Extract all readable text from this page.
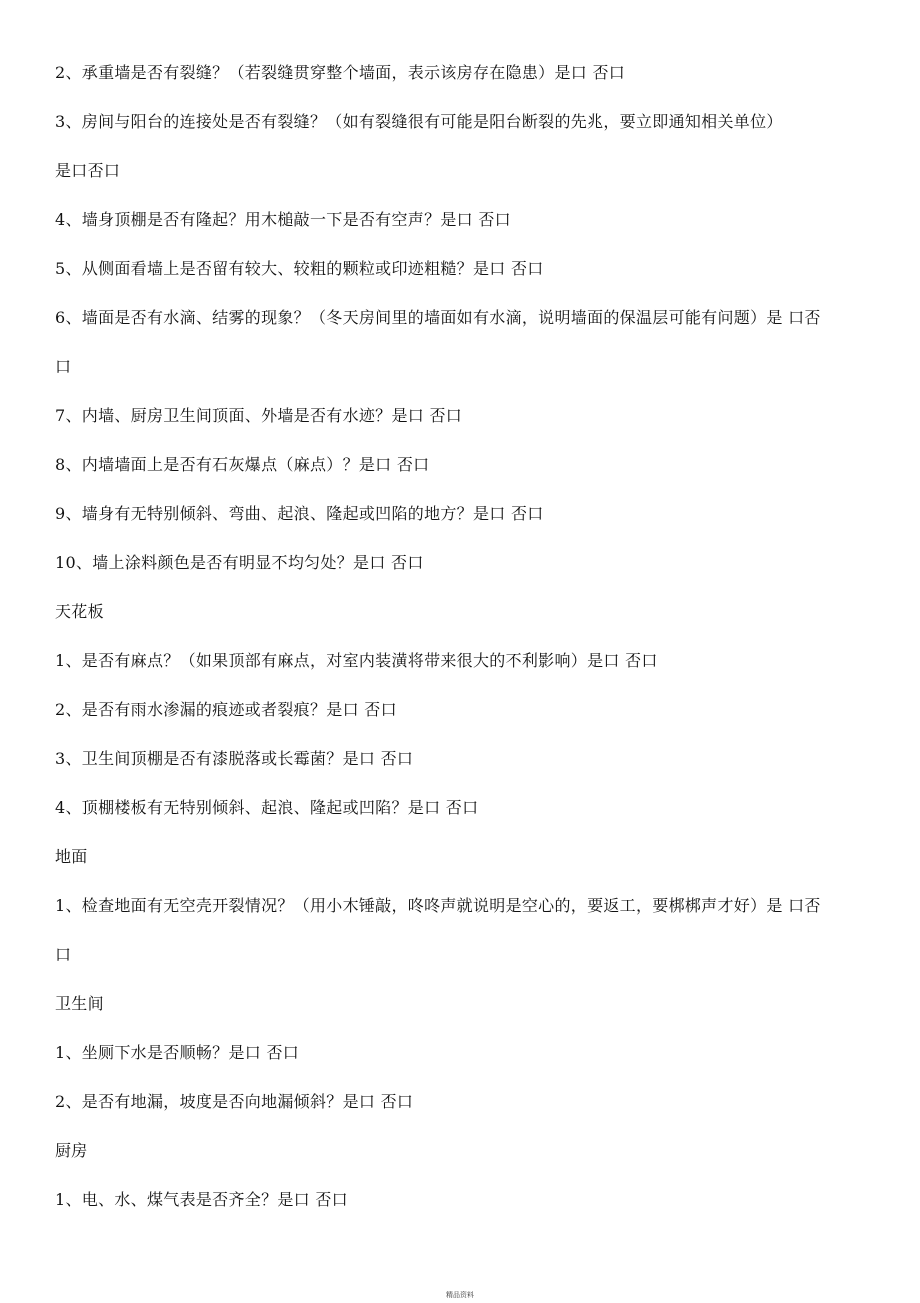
2、承重墙是否有裂缝？（若裂缝贯穿整个墙面，表示该房存在隐患）是口 否口
3、房间与阳台的连接处是否有裂缝？（如有裂缝很有可能是阳台断裂的先兆，要立即通知相关单位）
是口否口
4、墙身顶棚是否有隆起？用木槌敲一下是否有空声？是口 否口
5、从侧面看墙上是否留有较大、较粗的颗粒或印迹粗糙？是口 否口
6、墙面是否有水滴、结雾的现象？（冬天房间里的墙面如有水滴，说明墙面的保温层可能有问题）是 口否
口
7、内墙、厨房卫生间顶面、外墙是否有水迹？是口 否口
8、内墙墙面上是否有石灰爆点（麻点）？是口 否口
9、墙身有无特别倾斜、弯曲、起浪、隆起或凹陷的地方？是口 否口
10、墙上涂料颜色是否有明显不均匀处？是口 否口
天花板
1、是否有麻点？（如果顶部有麻点，对室内装潢将带来很大的不利影响）是口 否口
2、是否有雨水渗漏的痕迹或者裂痕？是口 否口
3、卫生间顶棚是否有漆脱落或长霉菌？是口 否口
4、顶棚楼板有无特别倾斜、起浪、隆起或凹陷？是口 否口
地面
1、检查地面有无空壳开裂情况？（用小木锤敲，咚咚声就说明是空心的，要返工，要梆梆声才好）是 口否
口
卫生间
1、坐厕下水是否顺畅？是口 否口
2、是否有地漏，坡度是否向地漏倾斜？是口 否口
厨房
1、电、水、煤气表是否齐全？是口 否口
精品资料
